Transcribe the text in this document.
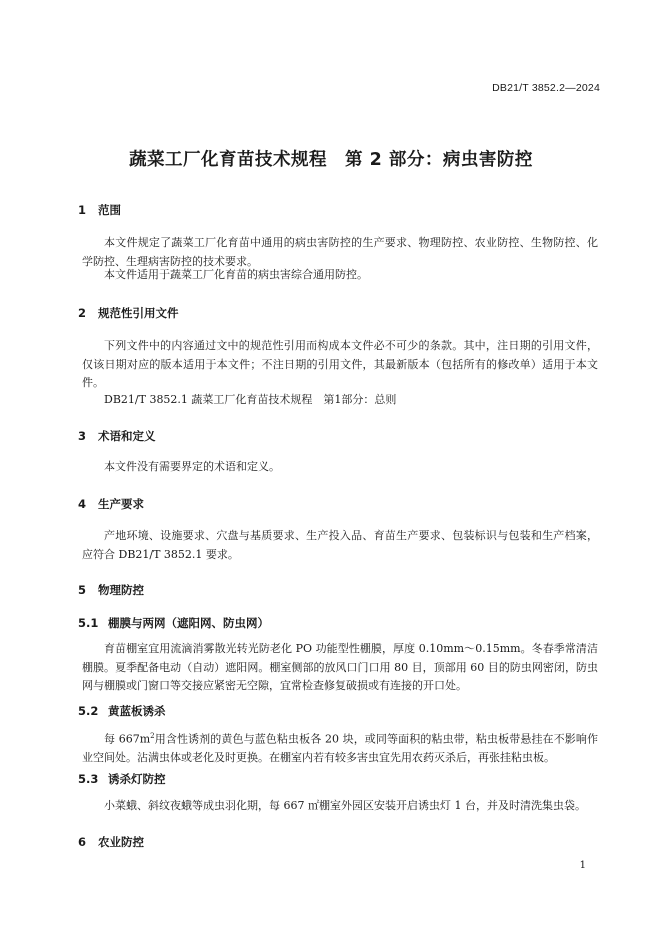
DB21/T 3852.2—2024
蔬菜工厂化育苗技术规程　第 2 部分：病虫害防控
1 范围
本文件规定了蔬菜工厂化育苗中通用的病虫害防控的生产要求、物理防控、农业防控、生物防控、化学防控、生理病害防控的技术要求。
本文件适用于蔬菜工厂化育苗的病虫害综合通用防控。
2 规范性引用文件
下列文件中的内容通过文中的规范性引用而构成本文件必不可少的条款。其中，注日期的引用文件，仅该日期对应的版本适用于本文件；不注日期的引用文件，其最新版本（包括所有的修改单）适用于本文件。
DB21/T 3852.1 蔬菜工厂化育苗技术规程　第1部分：总则
3 术语和定义
本文件没有需要界定的术语和定义。
4 生产要求
产地环境、设施要求、穴盘与基质要求、生产投入品、育苗生产要求、包装标识与包装和生产档案，应符合 DB21/T 3852.1 要求。
5 物理防控
5.1 棚膜与两网（遮阳网、防虫网）
育苗棚室宜用流滴消雾散光转光防老化 PO 功能型性棚膜，厚度 0.10mm～0.15mm。冬春季常清洁棚膜。夏季配备电动（自动）遮阳网。棚室侧部的放风口门口用 80 目，顶部用 60 目的防虫网密闭，防虫网与棚膜或门窗口等交接应紧密无空隙，宜常检查修复破损或有连接的开口处。
5.2 黄蓝板诱杀
每 $667m^2$用含性诱剂的黄色与蓝色粘虫板各 20 块，或同等面积的粘虫带，粘虫板带悬挂在不影响作业空间处。沾满虫体或老化及时更换。在棚室内若有较多害虫宜先用农药灭杀后，再张挂粘虫板。
5.3 诱杀灯防控
小菜蛾、斜纹夜蛾等成虫羽化期，每 667 ㎡棚室外园区安装开启诱虫灯 1 台，并及时清洗集虫袋。
6 农业防控
1
